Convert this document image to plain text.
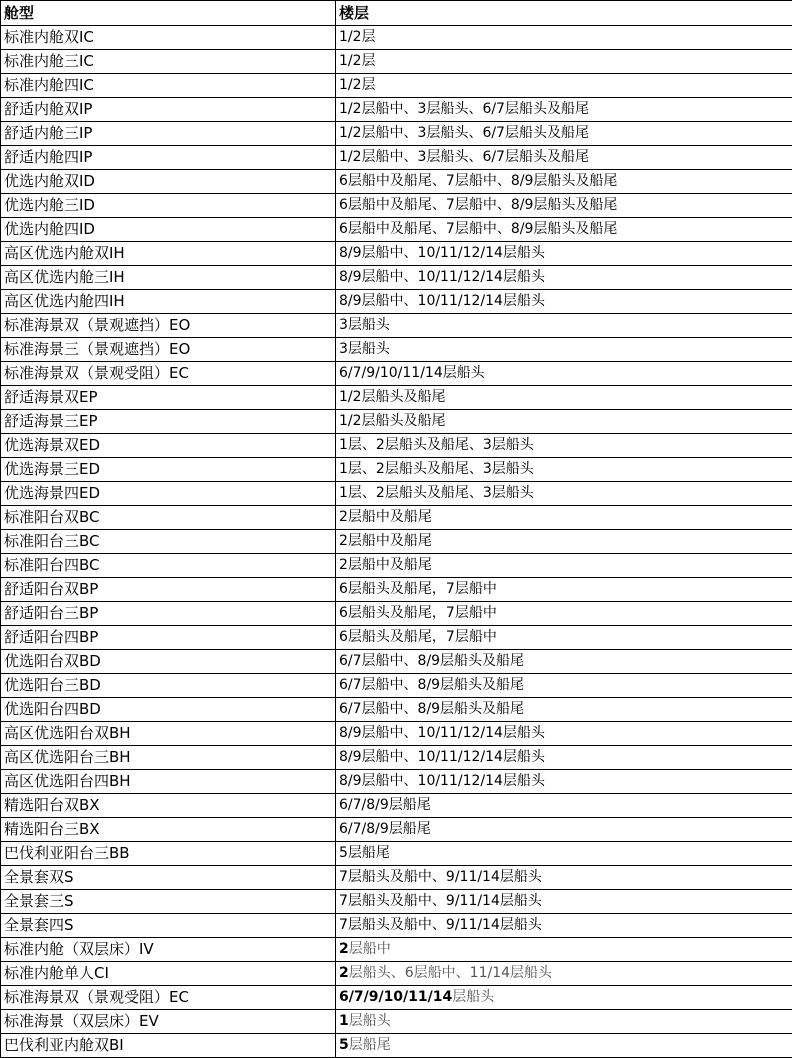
舱型	楼层
标准内舱双IC	1/2层
标准内舱三IC	1/2层
标准内舱四IC	1/2层
舒适内舱双IP	1/2层船中、3层船头、6/7层船头及船尾
舒适内舱三IP	1/2层船中、3层船头、6/7层船头及船尾
舒适内舱四IP	1/2层船中、3层船头、6/7层船头及船尾
优选内舱双ID	6层船中及船尾、7层船中、8/9层船头及船尾
优选内舱三ID	6层船中及船尾、7层船中、8/9层船头及船尾
优选内舱四ID	6层船中及船尾、7层船中、8/9层船头及船尾
高区优选内舱双IH	8/9层船中、10/11/12/14层船头
高区优选内舱三IH	8/9层船中、10/11/12/14层船头
高区优选内舱四IH	8/9层船中、10/11/12/14层船头
标准海景双（景观遮挡）EO	3层船头
标准海景三（景观遮挡）EO	3层船头
标准海景双（景观受阻）EC	6/7/9/10/11/14层船头
舒适海景双EP	1/2层船头及船尾
舒适海景三EP	1/2层船头及船尾
优选海景双ED	1层、2层船头及船尾、3层船头
优选海景三ED	1层、2层船头及船尾、3层船头
优选海景四ED	1层、2层船头及船尾、3层船头
标准阳台双BC	2层船中及船尾
标准阳台三BC	2层船中及船尾
标准阳台四BC	2层船中及船尾
舒适阳台双BP	6层船头及船尾，7层船中
舒适阳台三BP	6层船头及船尾，7层船中
舒适阳台四BP	6层船头及船尾，7层船中
优选阳台双BD	6/7层船中、8/9层船头及船尾
优选阳台三BD	6/7层船中、8/9层船头及船尾
优选阳台四BD	6/7层船中、8/9层船头及船尾
高区优选阳台双BH	8/9层船中、10/11/12/14层船头
高区优选阳台三BH	8/9层船中、10/11/12/14层船头
高区优选阳台四BH	8/9层船中、10/11/12/14层船头
精选阳台双BX	6/7/8/9层船尾
精选阳台三BX	6/7/8/9层船尾
巴伐利亚阳台三BB	5层船尾
全景套双S	7层船头及船中、9/11/14层船头
全景套三S	7层船头及船中、9/11/14层船头
全景套四S	7层船头及船中、9/11/14层船头
标准内舱（双层床）IV	2层船中
标准内舱单人CI	2层船头、6层船中、11/14层船头
标准海景双（景观受阻）EC	6/7/9/10/11/14层船头
标准海景（双层床）EV	1层船头
巴伐利亚内舱双BI	5层船尾
